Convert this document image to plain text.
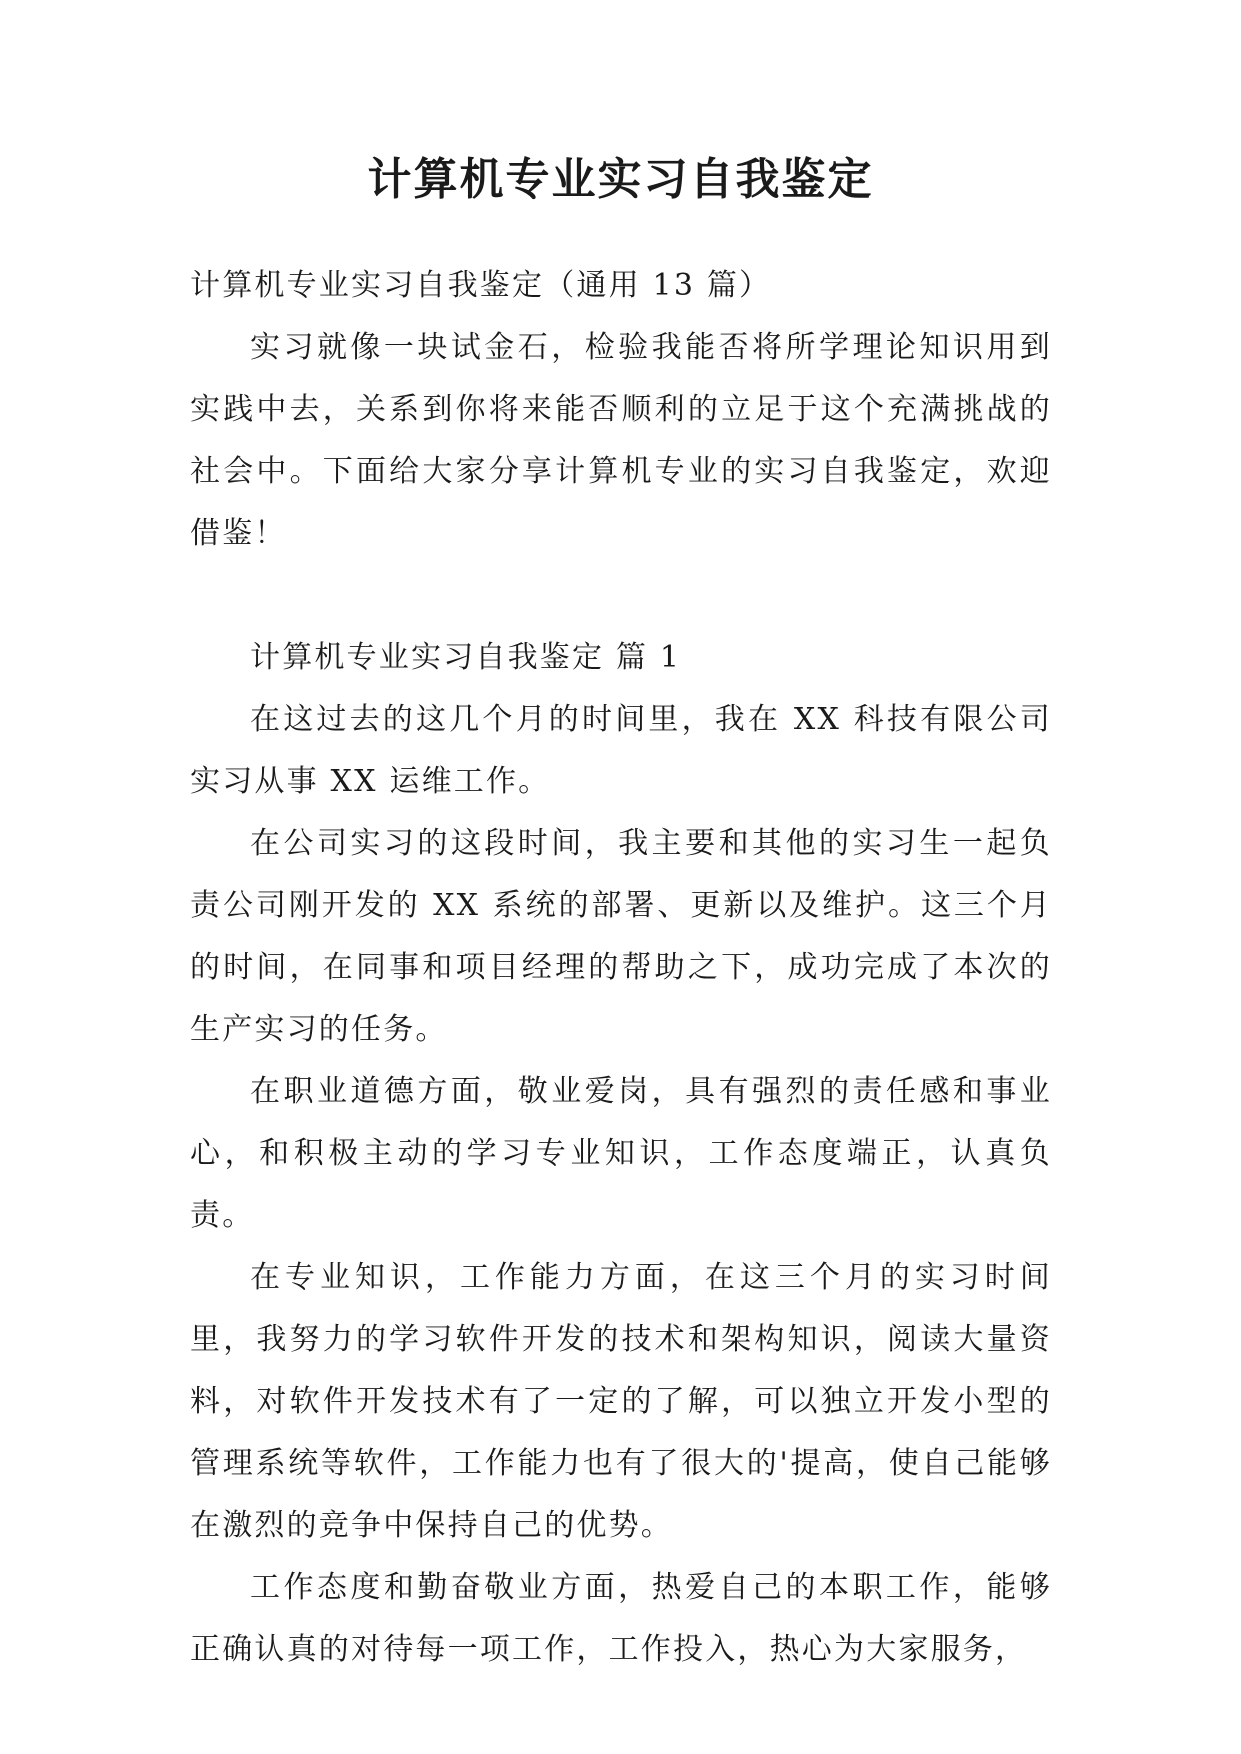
计算机专业实习自我鉴定

计算机专业实习自我鉴定（通用 13 篇）

实习就像一块试金石，检验我能否将所学理论知识用到实践中去，关系到你将来能否顺利的立足于这个充满挑战的社会中。下面给大家分享计算机专业的实习自我鉴定，欢迎借鉴！

计算机专业实习自我鉴定 篇 1

在这过去的这几个月的时间里，我在 XX 科技有限公司实习从事 XX 运维工作。

在公司实习的这段时间，我主要和其他的实习生一起负责公司刚开发的 XX 系统的部署、更新以及维护。这三个月的时间，在同事和项目经理的帮助之下，成功完成了本次的生产实习的任务。

在职业道德方面，敬业爱岗，具有强烈的责任感和事业心，和积极主动的学习专业知识，工作态度端正，认真负责。

在专业知识，工作能力方面，在这三个月的实习时间里，我努力的学习软件开发的技术和架构知识，阅读大量资料，对软件开发技术有了一定的了解，可以独立开发小型的管理系统等软件，工作能力也有了很大的'提高，使自己能够在激烈的竞争中保持自己的优势。

工作态度和勤奋敬业方面，热爱自己的本职工作，能够正确认真的对待每一项工作，工作投入，热心为大家服务，
